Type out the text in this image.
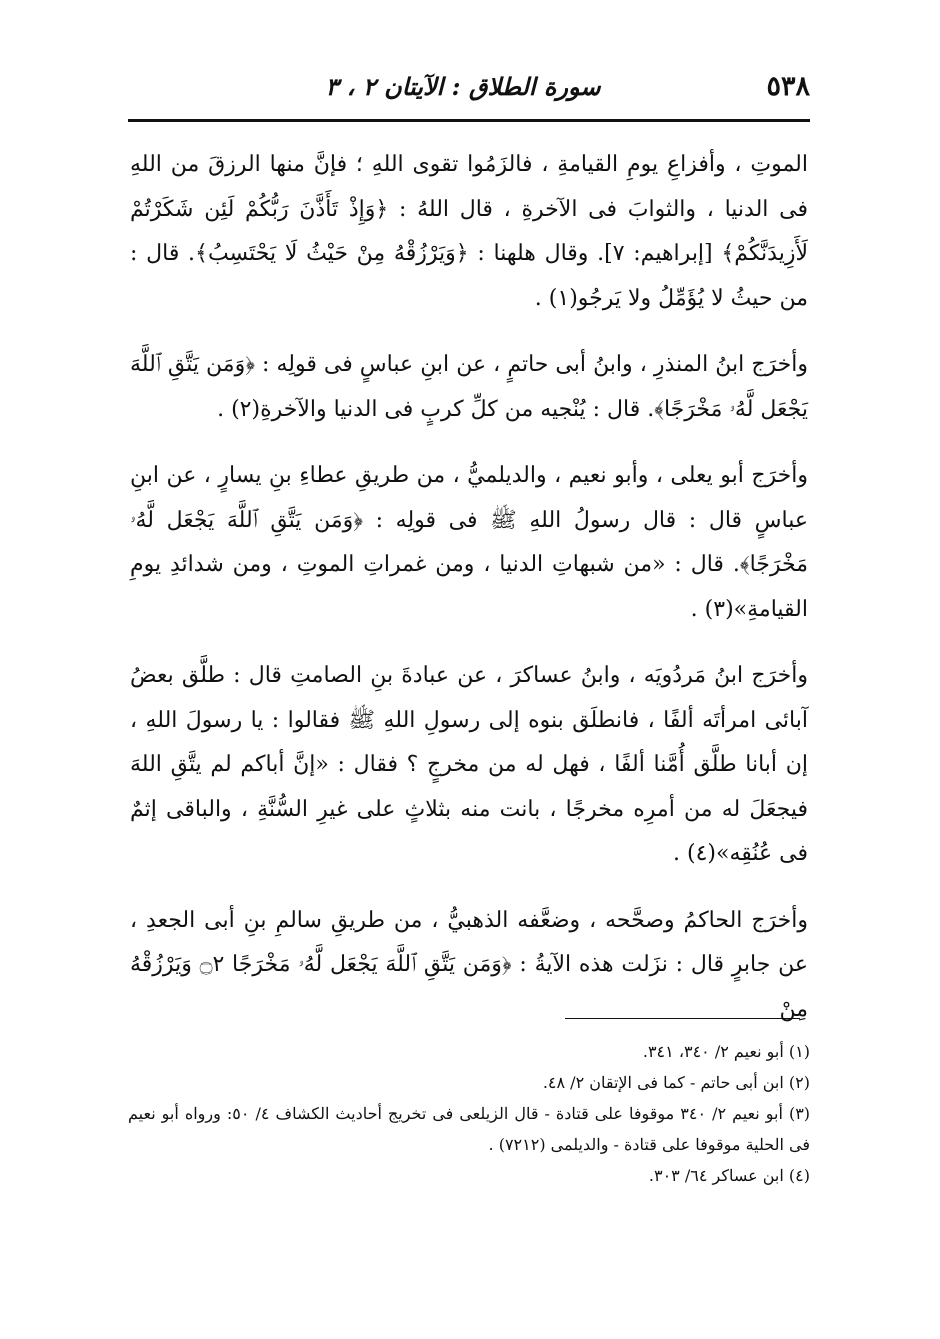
٥٣٨
سورة الطلاق : الآيتان ٢ ، ٣

الموتِ ، وأفزاعِ يومِ القيامةِ ، فالزَمُوا تقوى اللهِ ؛ فإنَّ منها الرزقَ من اللهِ فى الدنيا ، والثوابَ فى الآخرةِ ، قال اللهُ : ﴿وَإِذْ تَأَذَّنَ رَبُّكُمْ لَئِن شَكَرْتُمْ لَأَزِيدَنَّكُمْ﴾ [إبراهيم: ٧]. وقال هلهنا : ﴿وَيَرْزُقْهُ مِنْ حَيْثُ لَا يَحْتَسِبُ﴾. قال : من حيثُ لا يُؤَمِّلُ ولا يَرجُو(١) .

وأخرَج ابنُ المنذرِ ، وابنُ أبى حاتمٍ ، عن ابنِ عباسٍ فى قولِه : ﴿وَمَن يَتَّقِ ٱللَّهَ يَجْعَل لَّهُۥ مَخْرَجًا﴾. قال : يُنْجيه من كلِّ كربٍ فى الدنيا والآخرةِ(٢) .

وأخرَج أبو يعلى ، وأبو نعيم ، والديلميُّ ، من طريقِ عطاءِ بنِ يسارٍ ، عن ابنِ عباسٍ قال : قال رسولُ اللهِ ﷺ فى قولِه : ﴿وَمَن يَتَّقِ ٱللَّهَ يَجْعَل لَّهُۥ مَخْرَجًا﴾. قال : «من شبهاتِ الدنيا ، ومن غمراتِ الموتِ ، ومن شدائدِ يومِ القيامةِ»(٣) .

وأخرَج ابنُ مَردُويَه ، وابنُ عساكرَ ، عن عبادةَ بنِ الصامتِ قال : طلَّق بعضُ آبائى امرأتَه ألفًا ، فانطلَق بنوه إلى رسولِ اللهِ ﷺ فقالوا : يا رسولَ اللهِ ، إن أبانا طلَّق أُمَّنا ألفًا ، فهل له من مخرجٍ ؟ فقال : «إنَّ أباكم لم يتَّقِ اللهَ فيجعَلَ له من أمرِه مخرجًا ، بانت منه بثلاثٍ على غيرِ السُّنَّةِ ، والباقى إثمٌ فى عُنُقِه»(٤) .

وأخرَج الحاكمُ وصحَّحه ، وضعَّفه الذهبيُّ ، من طريقِ سالمِ بنِ أبى الجعدِ ، عن جابرٍ قال : نزَلت هذه الآيةُ : ﴿وَمَن يَتَّقِ ٱللَّهَ يَجْعَل لَّهُۥ مَخْرَجًا ۝٢ وَيَرْزُقْهُ مِنْ

(١) أبو نعيم ٢/ ٣٤٠، ٣٤١.

(٢) ابن أبى حاتم - كما فى الإتقان ٢/ ٤٨.

(٣) أبو نعيم ٢/ ٣٤٠ موقوفا على قتادة - قال الزيلعى فى تخريج أحاديث الكشاف ٤/ ٥٠: ورواه أبو نعيم فى الحلية موقوفا على قتادة - والديلمى (٧٢١٢) .

(٤) ابن عساكر ٦٤/ ٣٠٣.
